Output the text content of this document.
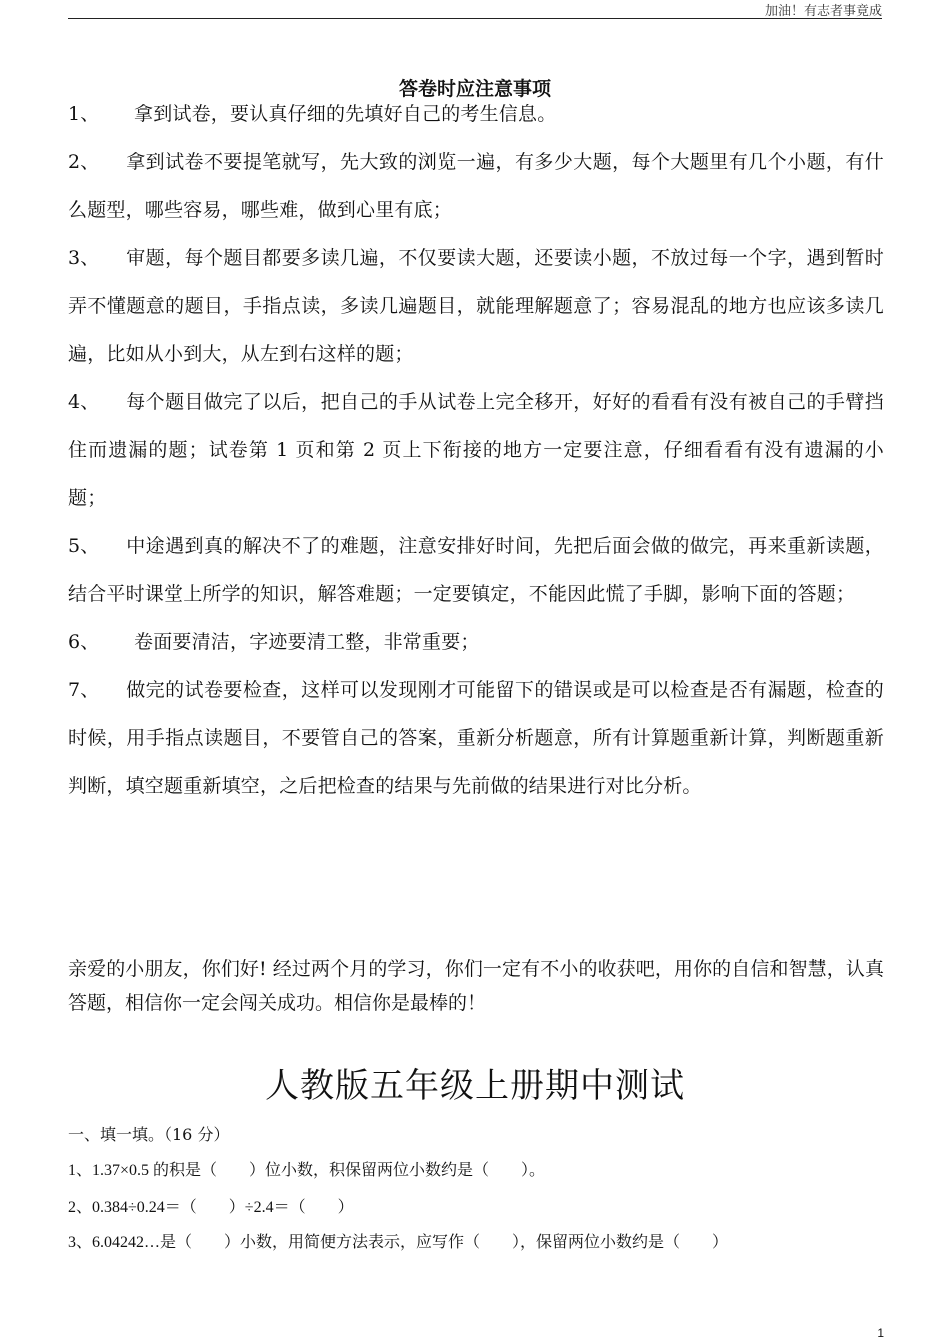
加油！有志者事竟成
答卷时应注意事项

1、 拿到试卷，要认真仔细的先填好自己的考生信息。

2、 拿到试卷不要提笔就写，先大致的浏览一遍，有多少大题，每个大题里有几个小题，有什么题型，哪些容易，哪些难，做到心里有底；

3、 审题，每个题目都要多读几遍，不仅要读大题，还要读小题，不放过每一个字，遇到暂时弄不懂题意的题目，手指点读，多读几遍题目，就能理解题意了；容易混乱的地方也应该多读几遍，比如从小到大，从左到右这样的题；

4、 每个题目做完了以后，把自己的手从试卷上完全移开，好好的看看有没有被自己的手臂挡住而遗漏的题；试卷第 1 页和第 2 页上下衔接的地方一定要注意，仔细看看有没有遗漏的小题；

5、 中途遇到真的解决不了的难题，注意安排好时间，先把后面会做的做完，再来重新读题，结合平时课堂上所学的知识，解答难题；一定要镇定，不能因此慌了手脚，影响下面的答题；

6、 卷面要清洁，字迹要清工整，非常重要；

7、 做完的试卷要检查，这样可以发现刚才可能留下的错误或是可以检查是否有漏题，检查的时候，用手指点读题目，不要管自己的答案，重新分析题意，所有计算题重新计算，判断题重新判断，填空题重新填空，之后把检查的结果与先前做的结果进行对比分析。

亲爱的小朋友，你们好! 经过两个月的学习，你们一定有不小的收获吧，用你的自信和智慧，认真答题，相信你一定会闯关成功。相信你是最棒的！

人教版五年级上册期中测试
一、填一填。（16 分）
1、1.37×0.5 的积是（　　）位小数，积保留两位小数约是（　　）。
2、0.384÷0.24＝（　　）÷2.4＝（　　）
3、6.04242…是（　　）小数，用简便方法表示，应写作（　　），保留两位小数约是（　　）
1
